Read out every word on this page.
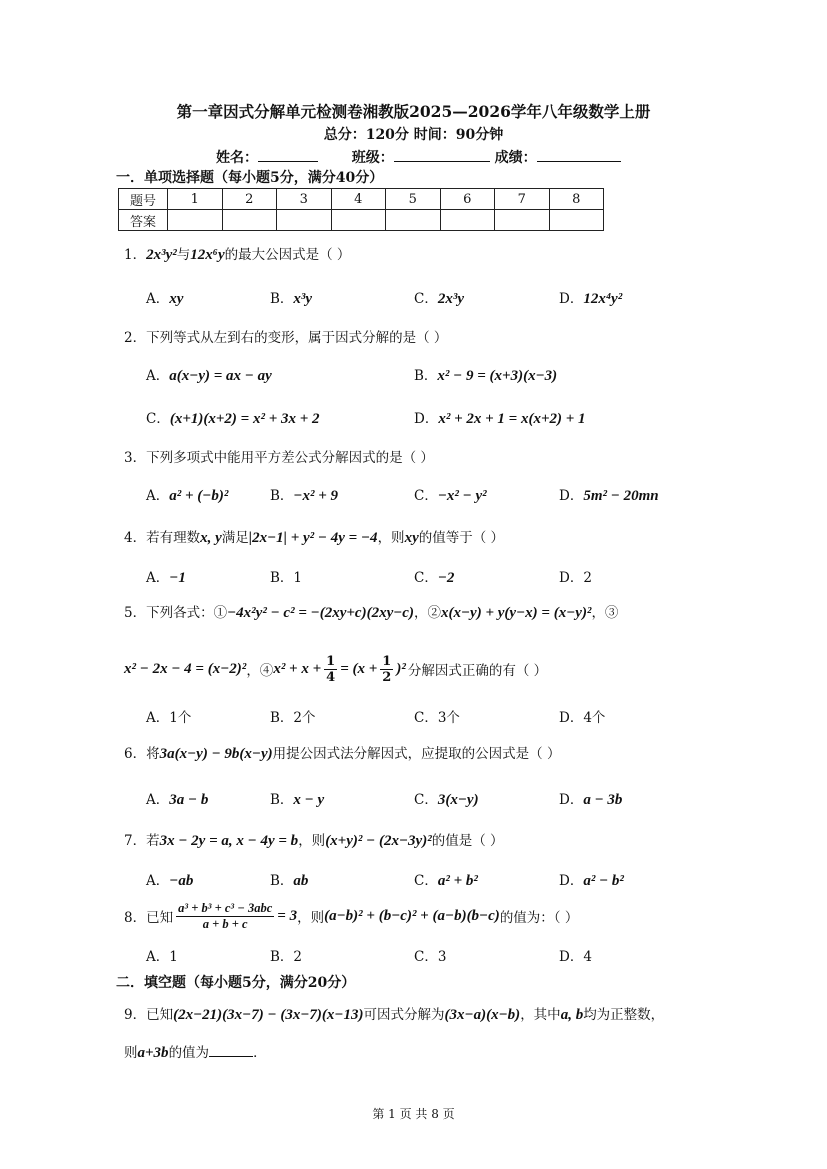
第一章因式分解单元检测卷湘教版2025—2026学年八年级数学上册
总分：120分 时间：90分钟
姓名：	班级：	成绩：
一．单项选择题（每小题5分，满分40分）
题号	1	2	3	4	5	6	7	8
答案								
1．2x³y²与12x⁶y的最大公因式是（ ）
A．xy	B．x³y	C．2x³y	D．12x⁴y²
2．下列等式从左到右的变形，属于因式分解的是（ ）
A．a(x−y) = ax − ay	B．x² − 9 = (x+3)(x−3)
C．(x+1)(x+2) = x² + 3x + 2	D．x² + 2x + 1 = x(x+2) + 1
3．下列多项式中能用平方差公式分解因式的是（ ）
A．a² + (−b)²	B．−x² + 9	C．−x² − y²	D．5m² − 20mn
4．若有理数x, y满足|2x−1| + y² − 4y = −4，则xy的值等于（ ）
A．−1	B．1	C．−2	D．2
5．下列各式：①−4x²y² − c² = −(2xy+c)(2xy−c)，②x(x−y) + y(y−x) = (x−y)²，③
x² − 2x − 4 = (x−2)² ，④ $x^2 + x + \frac{1}{4} = (x + \frac{1}{2} )^2$ 分解因式正确的有（ ）
A．1个	B．2个	C．3个	D．4个
6．将3a(x−y) − 9b(x−y)用提公因式法分解因式，应提取的公因式是（ ）
A．3a − b	B．x − y	C．3(x−y)	D．a − 3b
7．若3x − 2y = a, x − 4y = b，则(x+y)² − (2x−3y)²的值是（ ）
A．−ab	B．ab	C．a² + b²	D．a² − b²
8．已知
a³ + b³ + c³ − 3abc
a + b + c = 3 ，则 (a−b)² + (b−c)² + (a−b)(b−c) 的值为：（ ）
A．1	B．2	C．3	D．4
二．填空题（每小题5分，满分20分）
9．已知(2x−21)(3x−7) − (3x−7)(x−13)可因式分解为(3x−a)(x−b)，其中a, b均为正整数，
则a+3b的值为	．
第 1 页 共 8 页
